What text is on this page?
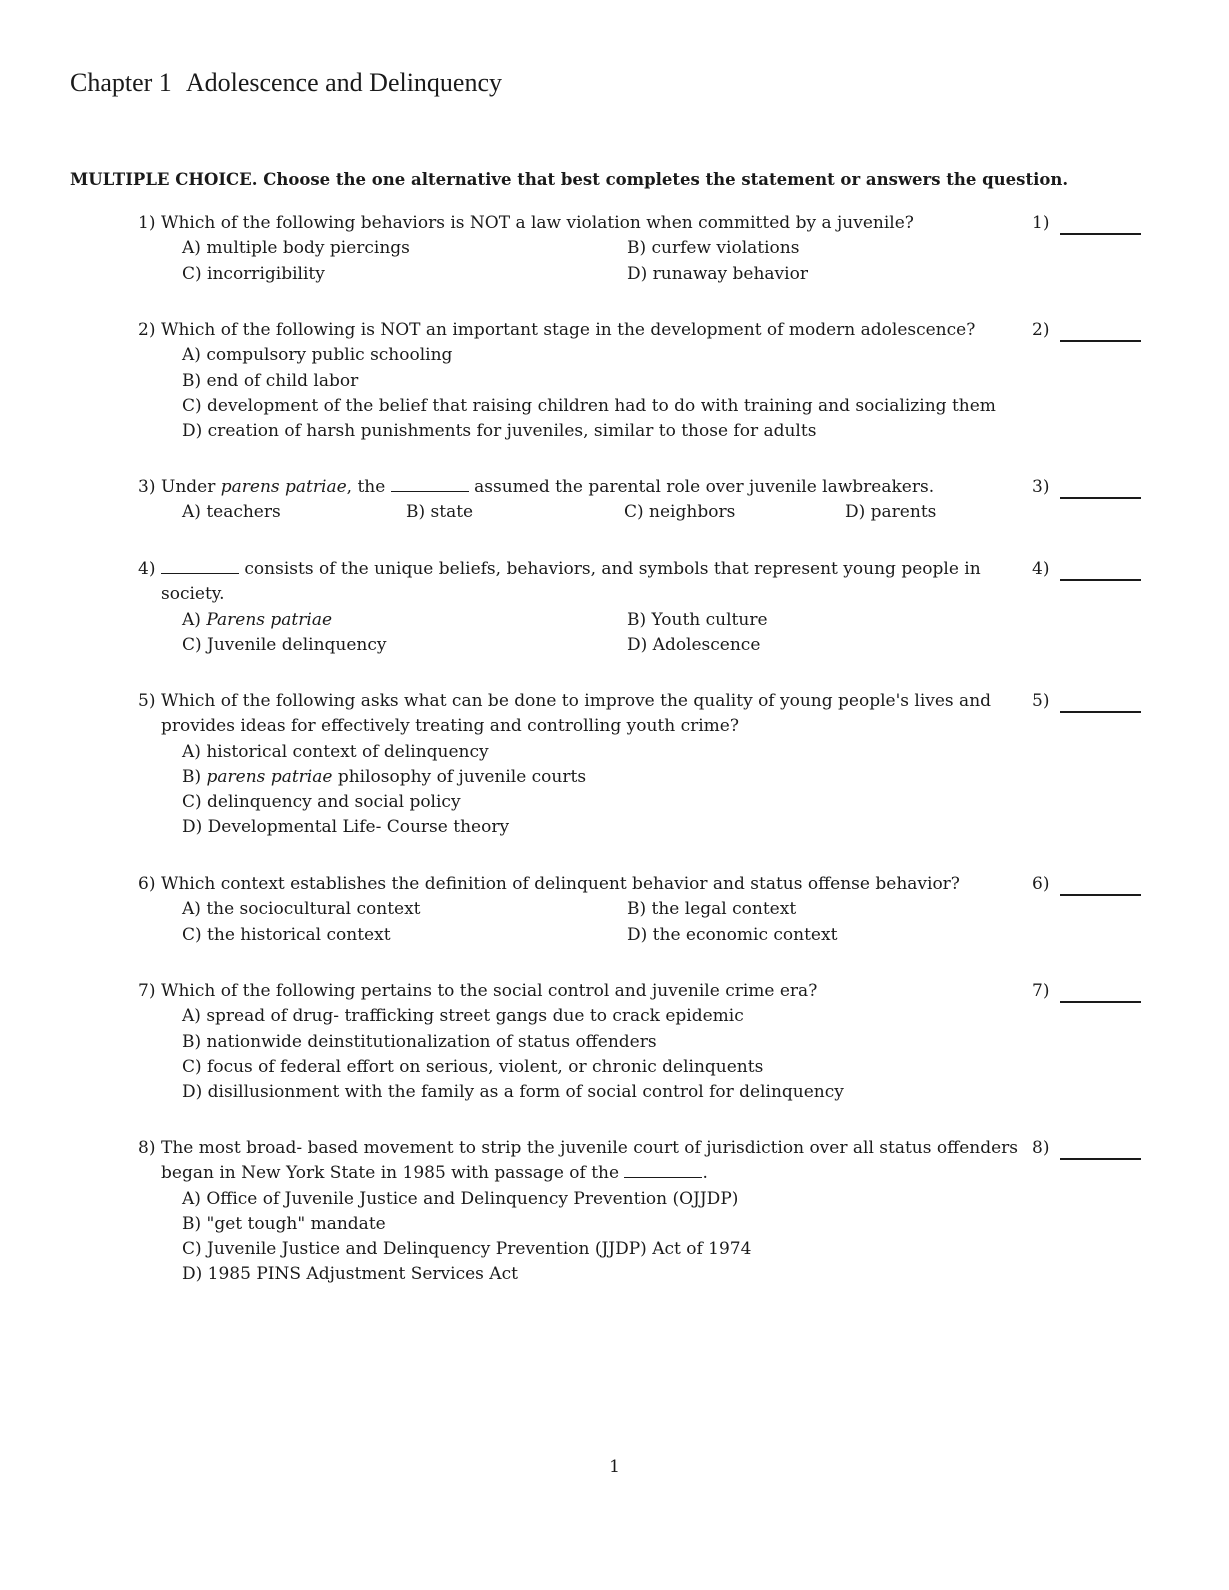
Chapter 1 Adolescence and Delinquency
MULTIPLE CHOICE. Choose the one alternative that best completes the statement or answers the question.
1) Which of the following behaviors is NOT a law violation when committed by a juvenile?	1)
A) multiple body piercings	B) curfew violations
C) incorrigibility	D) runaway behavior
2) Which of the following is NOT an important stage in the development of modern adolescence?	2)
A) compulsory public schooling
B) end of child labor
C) development of the belief that raising children had to do with training and socializing them
D) creation of harsh punishments for juveniles, similar to those for adults
3) Under parens patriae, the	assumed the parental role over juvenile lawbreakers.	3)
A) teachers	B) state	C) neighbors	D) parents
4)	consists of the unique beliefs, behaviors, and symbols that represent young people in society.
4)
A) Parens patriae	B) Youth culture
C) Juvenile delinquency	D) Adolescence
5) Which of the following asks what can be done to improve the quality of young people's lives and provides ideas for effectively treating and controlling youth crime?
5)
A) historical context of delinquency
B) parens patriae philosophy of juvenile courts
C) delinquency and social policy
D) Developmental Life- Course theory
6) Which context establishes the definition of delinquent behavior and status offense behavior?	6)
A) the sociocultural context	B) the legal context
C) the historical context	D) the economic context
7) Which of the following pertains to the social control and juvenile crime era?	7)
A) spread of drug- trafficking street gangs due to crack epidemic
B) nationwide deinstitutionalization of status offenders
C) focus of federal effort on serious, violent, or chronic delinquents
D) disillusionment with the family as a form of social control for delinquency
8) The most broad- based movement to strip the juvenile court of jurisdiction over all status offenders began in New York State in 1985 with passage of the	.
8)
A) Office of Juvenile Justice and Delinquency Prevention (OJJDP)
B) "get tough" mandate
C) Juvenile Justice and Delinquency Prevention (JJDP) Act of 1974
D) 1985 PINS Adjustment Services Act
1
